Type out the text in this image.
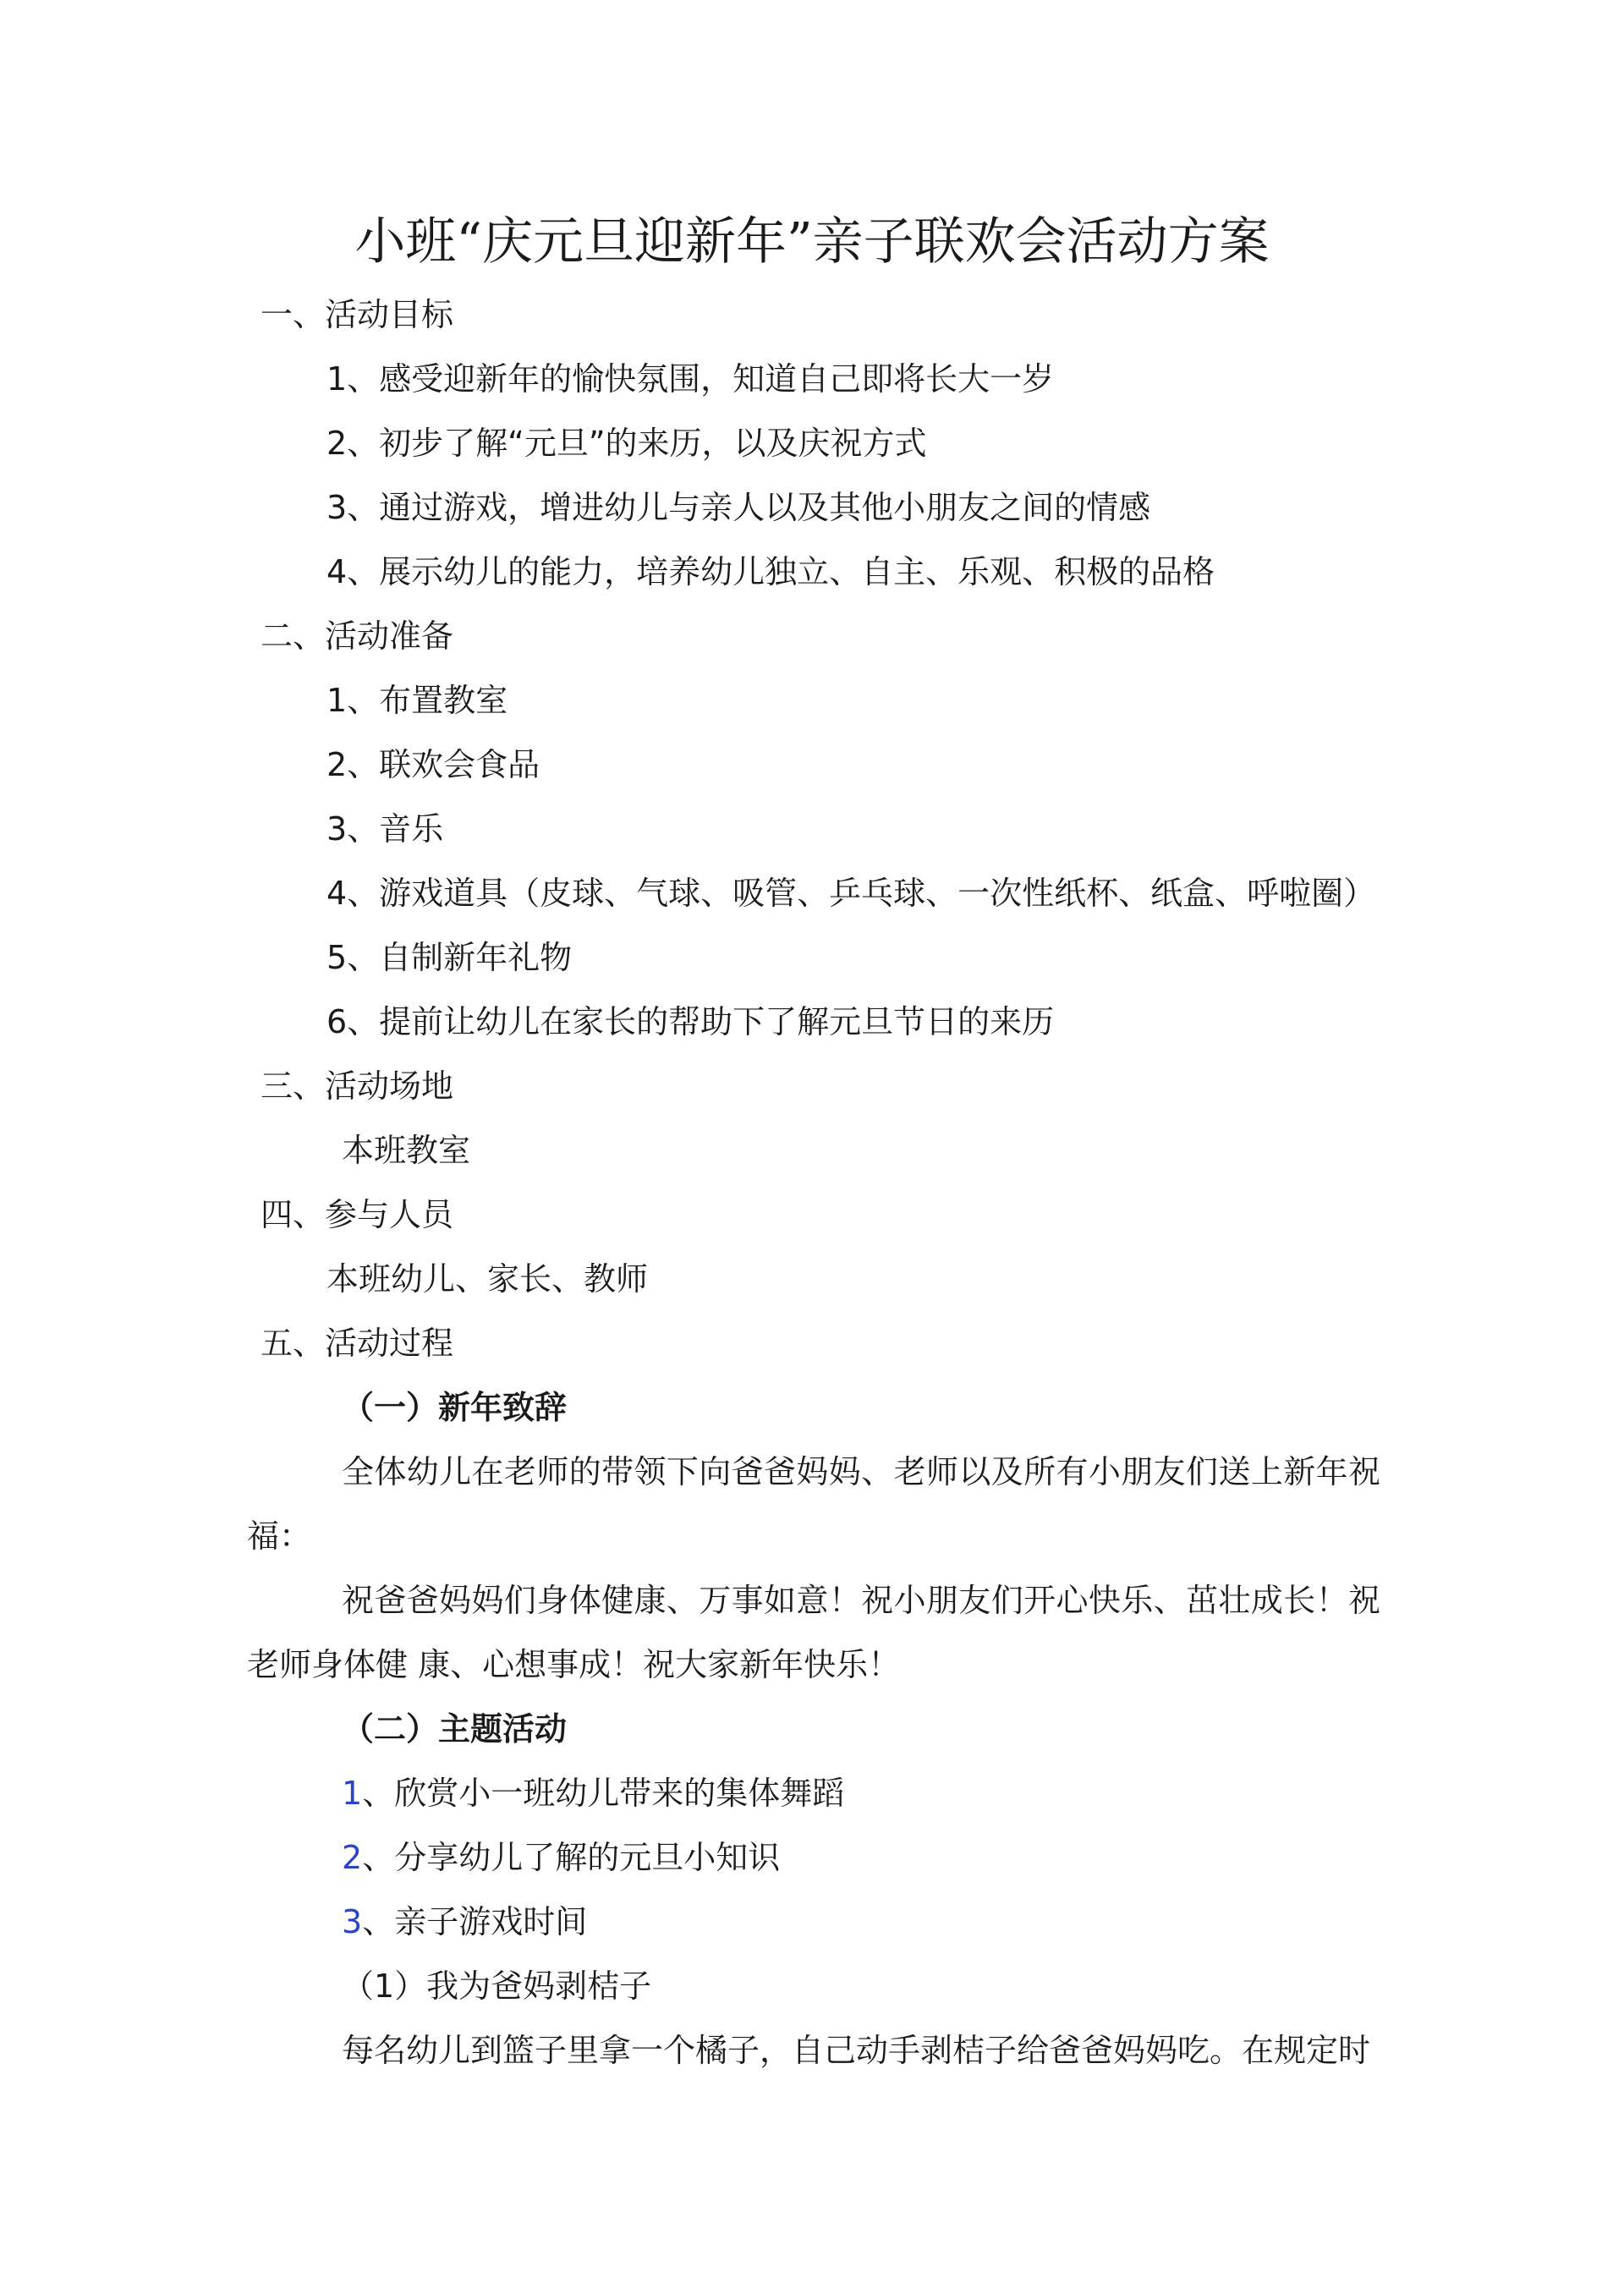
小班“庆元旦迎新年”亲子联欢会活动方案
一、活动目标
1、感受迎新年的愉快氛围，知道自己即将长大一岁
2、初步了解“元旦”的来历，以及庆祝方式
3、通过游戏，增进幼儿与亲人以及其他小朋友之间的情感
4、展示幼儿的能力，培养幼儿独立、自主、乐观、积极的品格
二、活动准备
1、布置教室
2、联欢会食品
3、音乐
4、游戏道具（皮球、气球、吸管、乒乓球、一次性纸杯、纸盒、呼啦圈）
5、自制新年礼物
6、提前让幼儿在家长的帮助下了解元旦节日的来历
三、活动场地
本班教室
四、参与人员
本班幼儿、家长、教师
五、活动过程
（一）新年致辞
全体幼儿在老师的带领下向爸爸妈妈、老师以及所有小朋友们送上新年祝福：
祝爸爸妈妈们身体健康、万事如意！祝小朋友们开心快乐、茁壮成长！祝老师身体健 康、心想事成！祝大家新年快乐！
（二）主题活动
1、欣赏小一班幼儿带来的集体舞蹈
2、分享幼儿了解的元旦小知识
3、亲子游戏时间
（1）我为爸妈剥桔子
每名幼儿到篮子里拿一个橘子，自己动手剥桔子给爸爸妈妈吃。在规定时
